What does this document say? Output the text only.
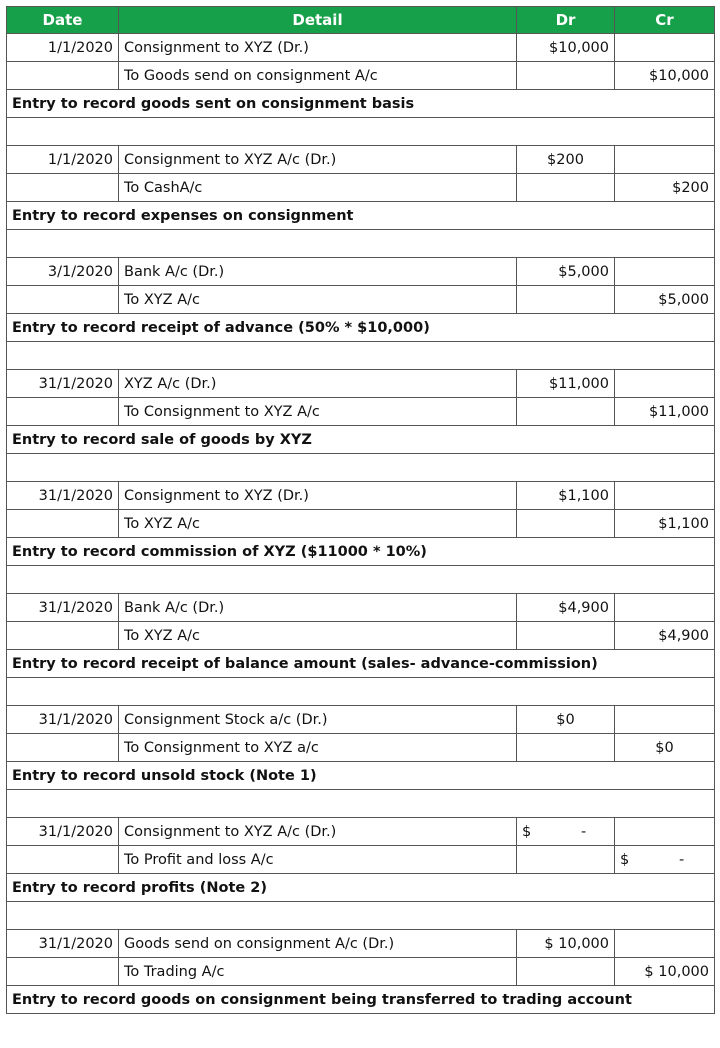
Date	Detail	Dr	Cr
1/1/2020	Consignment to XYZ (Dr.)	$10,000	
	To Goods send on consignment A/c		$10,000
Entry to record goods sent on consignment basis			

1/1/2020	Consignment to XYZ A/c (Dr.)	$200	
	To CashA/c		$200
Entry to record expenses on consignment			

3/1/2020	Bank A/c (Dr.)	$5,000	
	To XYZ A/c		$5,000
Entry to record receipt of advance (50% * $10,000)			

31/1/2020	XYZ A/c (Dr.)	$11,000	
	To Consignment to XYZ A/c		$11,000
Entry to record sale of goods by XYZ			

31/1/2020	Consignment to XYZ (Dr.)	$1,100	
	To XYZ A/c		$1,100
Entry to record commission of XYZ ($11000 * 10%)			

31/1/2020	Bank A/c (Dr.)	$4,900	
	To XYZ A/c		$4,900
Entry to record receipt of balance amount (sales- advance-commission)			

31/1/2020	Consignment Stock a/c (Dr.)	$0	
	To Consignment to XYZ a/c		$0
Entry to record unsold stock (Note 1)			

31/1/2020	Consignment to XYZ A/c (Dr.)	$ -	
	To Profit and loss A/c		$ -
Entry to record profits (Note 2)			

31/1/2020	Goods send on consignment A/c (Dr.)	$ 10,000	
	To Trading A/c		$ 10,000
Entry to record goods on consignment being transferred to trading account			
